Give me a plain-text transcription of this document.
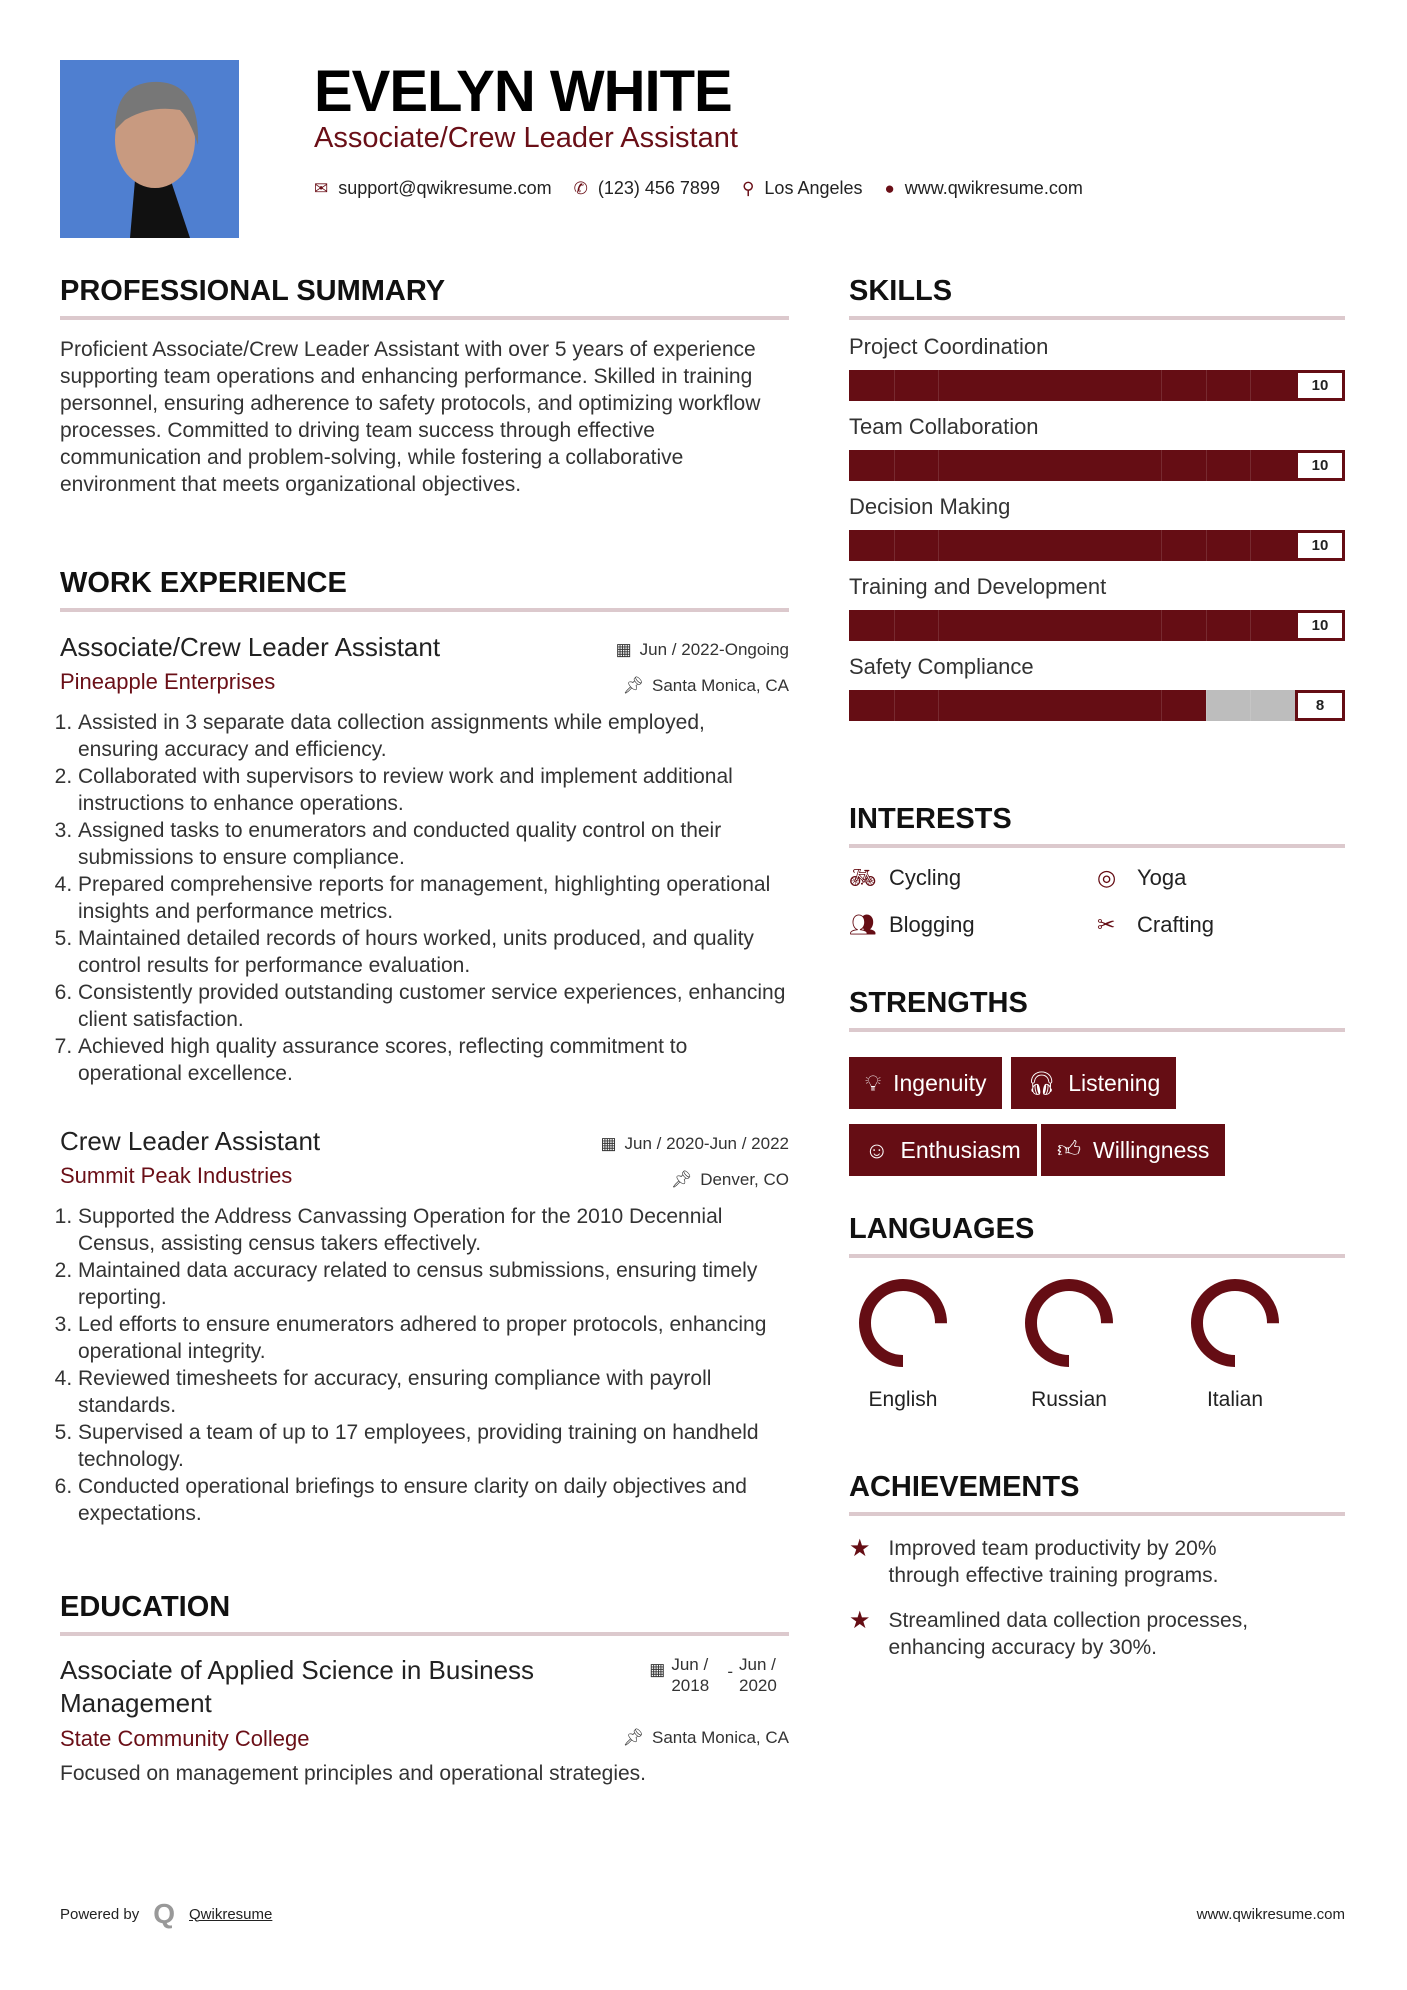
EVELYN WHITE
Associate/Crew Leader Assistant
✉ support@qwikresume.com ✆ (123) 456 7899 ⚲ Los Angeles ● www.qwikresume.com
PROFESSIONAL SUMMARY

Proficient Associate/Crew Leader Assistant with over 5 years of experience supporting team operations and enhancing performance. Skilled in training personnel, ensuring adherence to safety protocols, and optimizing workflow processes. Committed to driving team success through effective communication and problem-solving, while fostering a collaborative environment that meets organizational objectives.

WORK EXPERIENCE
Associate/Crew Leader Assistant	▦ Jun / 2022-Ongoing
Pineapple Enterprises	📌︎ Santa Monica, CA
1. Assisted in 3 separate data collection assignments while employed, ensuring accuracy and efficiency.
2. Collaborated with supervisors to review work and implement additional instructions to enhance operations.
3. Assigned tasks to enumerators and conducted quality control on their submissions to ensure compliance.
4. Prepared comprehensive reports for management, highlighting operational insights and performance metrics.
5. Maintained detailed records of hours worked, units produced, and quality control results for performance evaluation.
6. Consistently provided outstanding customer service experiences, enhancing client satisfaction.
7. Achieved high quality assurance scores, reflecting commitment to operational excellence.
Crew Leader Assistant	▦ Jun / 2020-Jun / 2022
Summit Peak Industries	📌︎ Denver, CO
1. Supported the Address Canvassing Operation for the 2010 Decennial Census, assisting census takers effectively.
2. Maintained data accuracy related to census submissions, ensuring timely reporting.
3. Led efforts to ensure enumerators adhered to proper protocols, enhancing operational integrity.
4. Reviewed timesheets for accuracy, ensuring compliance with payroll standards.
5. Supervised a team of up to 17 employees, providing training on handheld technology.
6. Conducted operational briefings to ensure clarity on daily objectives and expectations.
EDUCATION
Associate of Applied Science in Business Management
▦ Jun / 2018
- Jun / 2020
State Community College	📌︎ Santa Monica, CA

Focused on management principles and operational strategies.

Powered by Q Qwikresume	www.qwikresume.com
SKILLS
Project Coordination
10
Team Collaboration
10
Decision Making
10
Training and Development
10
Safety Compliance
8
INTERESTS
🚲︎ Cycling	◎ Yoga
👥︎ Blogging	✂ Crafting
STRENGTHS
💡︎ Ingenuity 🎧︎ Listening
☺ Enthusiasm 👍︎ Willingness
LANGUAGES
English	Russian	Italian
ACHIEVEMENTS
★ Improved team productivity by 20% through effective training programs.
★ Streamlined data collection processes, enhancing accuracy by 30%.
